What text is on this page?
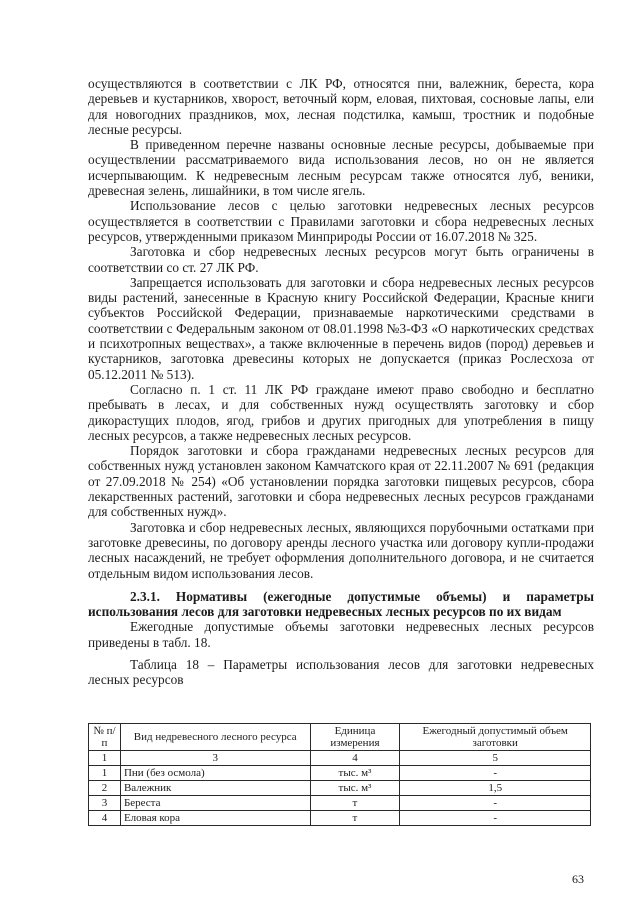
осуществляются в соответствии с ЛК РФ, относятся пни, валежник, береста, кора деревьев и кустарников, хворост, веточный корм, еловая, пихтовая, сосновые лапы, ели для новогодних праздников, мох, лесная подстилка, камыш, тростник и подобные лесные ресурсы.

В приведенном перечне названы основные лесные ресурсы, добываемые при осуществлении рассматриваемого вида использования лесов, но он не является исчерпывающим. К недревесным лесным ресурсам также относятся луб, веники, древесная зелень, лишайники, в том числе ягель.

Использование лесов с целью заготовки недревесных лесных ресурсов осуществляется в соответствии с Правилами заготовки и сбора недревесных лесных ресурсов, утвержденными приказом Минприроды России от 16.07.2018 № 325.

Заготовка и сбор недревесных лесных ресурсов могут быть ограничены в соответствии со ст. 27 ЛК РФ.

Запрещается использовать для заготовки и сбора недревесных лесных ресурсов виды растений, занесенные в Красную книгу Российской Федерации, Красные книги субъектов Российской Федерации, признаваемые наркотическими средствами в соответствии с Федеральным законом от 08.01.1998 №3-ФЗ «О наркотических средствах и психотропных веществах», а также включенные в перечень видов (пород) деревьев и кустарников, заготовка древесины которых не допускается (приказ Рослесхоза от 05.12.2011 № 513).

Согласно п. 1 ст. 11 ЛК РФ граждане имеют право свободно и бесплатно пребывать в лесах, и для собственных нужд осуществлять заготовку и сбор дикорастущих плодов, ягод, грибов и других пригодных для употребления в пищу лесных ресурсов, а также недревесных лесных ресурсов.

Порядок заготовки и сбора гражданами недревесных лесных ресурсов для собственных нужд установлен законом Камчатского края от 22.11.2007 № 691 (редакция от 27.09.2018 № 254) «Об установлении порядка заготовки пищевых ресурсов, сбора лекарственных растений, заготовки и сбора недревесных лесных ресурсов гражданами для собственных нужд».

Заготовка и сбор недревесных лесных, являющихся порубочными остатками при заготовке древесины, по договору аренды лесного участка или договору купли-продажи лесных насаждений, не требует оформления дополнительного договора, и не считается отдельным видом использования лесов.

2.3.1. Нормативы (ежегодные допустимые объемы) и параметры использования лесов для заготовки недревесных лесных ресурсов по их видам

Ежегодные допустимые объемы заготовки недревесных лесных ресурсов приведены в табл. 18.

Таблица 18 – Параметры использования лесов для заготовки недревесных лесных ресурсов

№ п/п	Вид недревесного лесного ресурса	Единица измерения	Ежегодный допустимый объем заготовки
1	3	4	5
1	Пни (без осмола)	тыс. м³	-
2	Валежник	тыс. м³	1,5
3	Береста	т	-
4	Еловая кора	т	-
63
